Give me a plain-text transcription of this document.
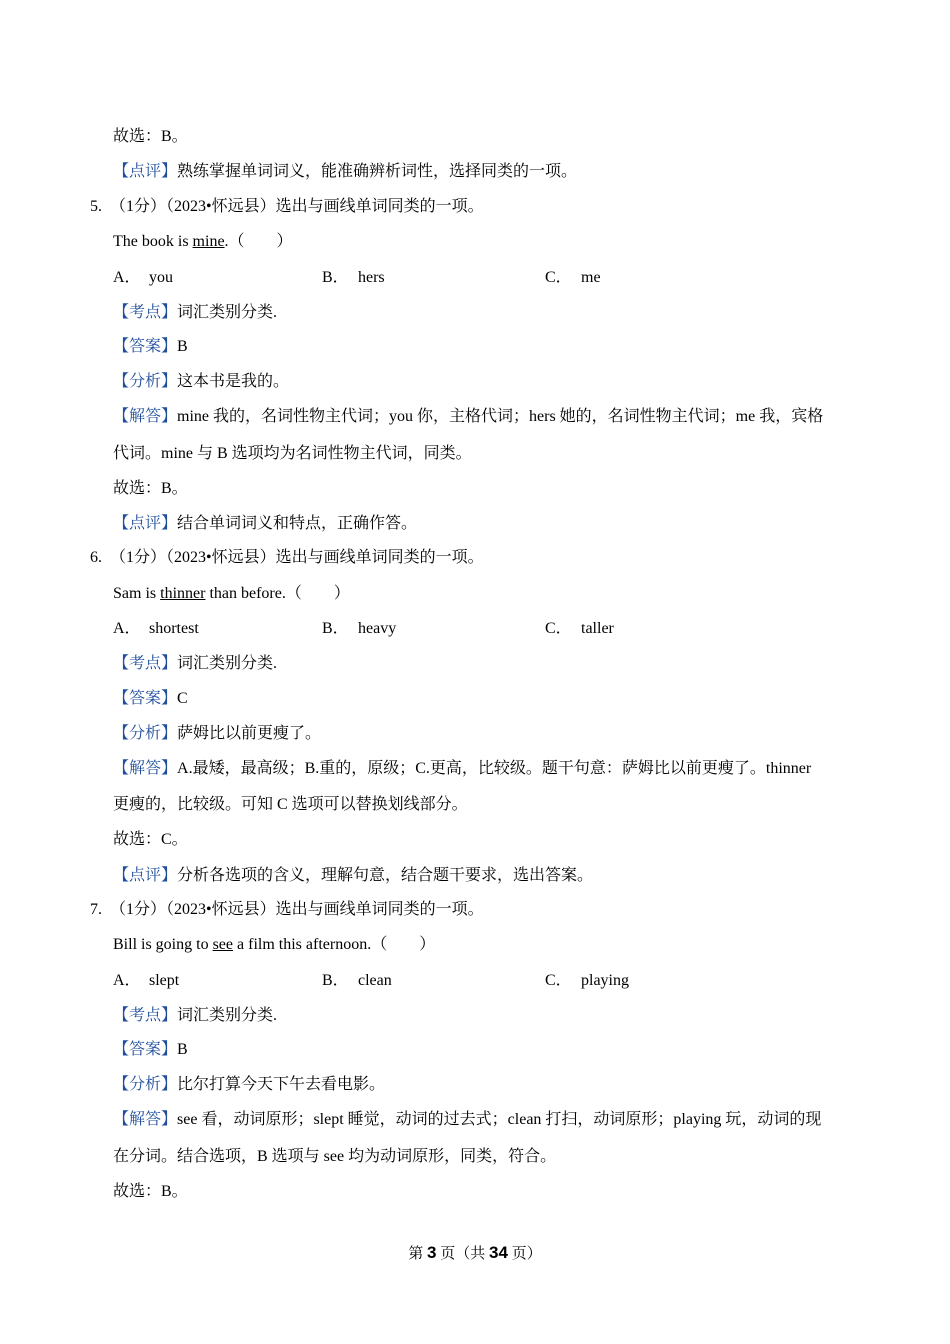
故选：B。
【点评】熟练掌握单词词义，能准确辨析词性，选择同类的一项。
5. （1分）（2023•怀远县）选出与画线单词同类的一项。
The book is mine.（　　）
A． you	B． hers	C． me
【考点】词汇类别分类.
【答案】B
【分析】这本书是我的。
【解答】mine 我的，名词性物主代词；you 你，主格代词；hers 她的，名词性物主代词；me 我，宾格
代词。mine 与 B 选项均为名词性物主代词，同类。
故选：B。
【点评】结合单词词义和特点，正确作答。
6. （1分）（2023•怀远县）选出与画线单词同类的一项。
Sam is thinner than before.（　　）
A． shortest	B． heavy	C． taller
【考点】词汇类别分类.
【答案】C
【分析】萨姆比以前更瘦了。
【解答】A.最矮，最高级；B.重的，原级；C.更高，比较级。题干句意：萨姆比以前更瘦了。thinner
更瘦的，比较级。可知 C 选项可以替换划线部分。
故选：C。
【点评】分析各选项的含义，理解句意，结合题干要求，选出答案。
7. （1分）（2023•怀远县）选出与画线单词同类的一项。
Bill is going to see a film this afternoon.（　　）
A． slept	B． clean	C． playing
【考点】词汇类别分类.
【答案】B
【分析】比尔打算今天下午去看电影。
【解答】see 看，动词原形；slept 睡觉，动词的过去式；clean 打扫，动词原形；playing 玩，动词的现
在分词。结合选项，B 选项与 see 均为动词原形，同类，符合。
故选：B。
第 3 页（共 34 页）
